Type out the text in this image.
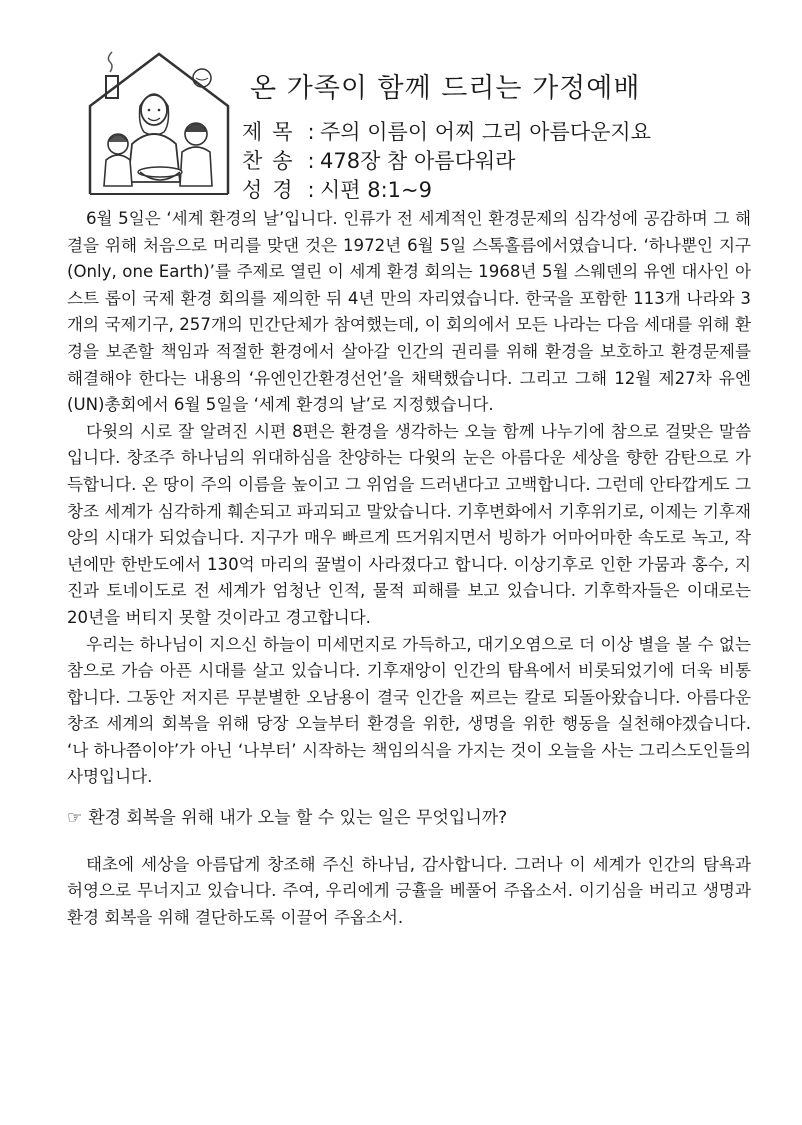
온 가족이 함께 드리는 가정예배
제목 : 주의 이름이 어찌 그리 아름다운지요
찬송 : 478장 참 아름다워라
성경 : 시편 8:1~9

6월 5일은 ‘세계 환경의 날’입니다. 인류가 전 세계적인 환경문제의 심각성에 공감하며 그 해결을 위해 처음으로 머리를 맞댄 것은 1972년 6월 5일 스톡홀름에서였습니다. ‘하나뿐인 지구(Only, one Earth)’를 주제로 열린 이 세계 환경 회의는 1968년 5월 스웨덴의 유엔 대사인 아스트 롭이 국제 환경 회의를 제의한 뒤 4년 만의 자리였습니다. 한국을 포함한 113개 나라와 3개의 국제기구, 257개의 민간단체가 참여했는데, 이 회의에서 모든 나라는 다음 세대를 위해 환경을 보존할 책임과 적절한 환경에서 살아갈 인간의 권리를 위해 환경을 보호하고 환경문제를 해결해야 한다는 내용의 ‘유엔인간환경선언’을 채택했습니다. 그리고 그해 12월 제27차 유엔(UN)총회에서 6월 5일을 ‘세계 환경의 날’로 지정했습니다.

다윗의 시로 잘 알려진 시편 8편은 환경을 생각하는 오늘 함께 나누기에 참으로 걸맞은 말씀입니다. 창조주 하나님의 위대하심을 찬양하는 다윗의 눈은 아름다운 세상을 향한 감탄으로 가득합니다. 온 땅이 주의 이름을 높이고 그 위엄을 드러낸다고 고백합니다. 그런데 안타깝게도 그 창조 세계가 심각하게 훼손되고 파괴되고 말았습니다. 기후변화에서 기후위기로, 이제는 기후재앙의 시대가 되었습니다. 지구가 매우 빠르게 뜨거워지면서 빙하가 어마어마한 속도로 녹고, 작년에만 한반도에서 130억 마리의 꿀벌이 사라졌다고 합니다. 이상기후로 인한 가뭄과 홍수, 지진과 토네이도로 전 세계가 엄청난 인적, 물적 피해를 보고 있습니다. 기후학자들은 이대로는 20년을 버티지 못할 것이라고 경고합니다.

우리는 하나님이 지으신 하늘이 미세먼지로 가득하고, 대기오염으로 더 이상 별을 볼 수 없는 참으로 가슴 아픈 시대를 살고 있습니다. 기후재앙이 인간의 탐욕에서 비롯되었기에 더욱 비통합니다. 그동안 저지른 무분별한 오남용이 결국 인간을 찌르는 칼로 되돌아왔습니다. 아름다운 창조 세계의 회복을 위해 당장 오늘부터 환경을 위한, 생명을 위한 행동을 실천해야겠습니다. ‘나 하나쯤이야’가 아닌 ‘나부터’ 시작하는 책임의식을 가지는 것이 오늘을 사는 그리스도인들의 사명입니다.

☞ 환경 회복을 위해 내가 오늘 할 수 있는 일은 무엇입니까?

태초에 세상을 아름답게 창조해 주신 하나님, 감사합니다. 그러나 이 세계가 인간의 탐욕과 허영으로 무너지고 있습니다. 주여, 우리에게 긍휼을 베풀어 주옵소서. 이기심을 버리고 생명과 환경 회복을 위해 결단하도록 이끌어 주옵소서.
